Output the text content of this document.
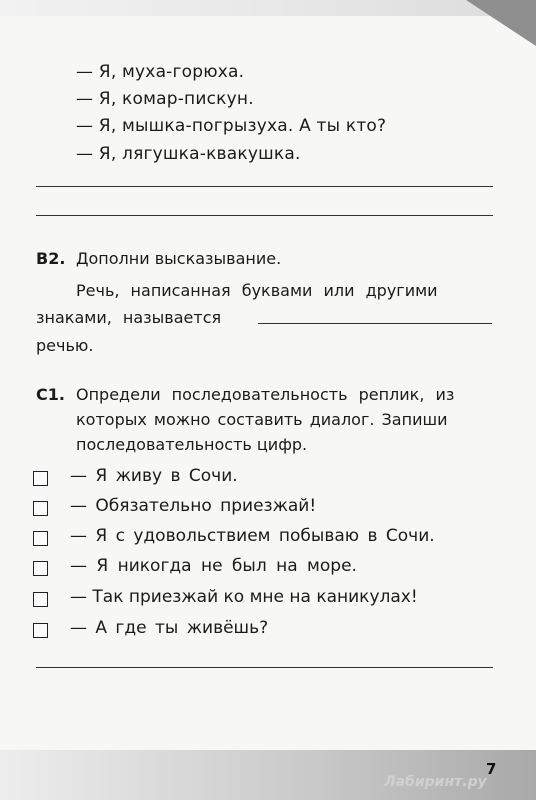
— Я, муха-горюха.
— Я, комар-пискун.
— Я, мышка-погрызуха. А ты кто?
— Я, лягушка-квакушка.
B2. Дополни высказывание.
Речь, написанная буквами или другими
знаками, называется
речью.
C1. Определи последовательность реплик, из
которых можно составить диалог. Запиши
последовательность цифр.
— Я живу в Сочи.
— Обязательно приезжай!
— Я с удовольствием побываю в Сочи.
— Я никогда не был на море.
— Так приезжай ко мне на каникулах!
— А где ты живёшь?
7
Лабиринт.ру
